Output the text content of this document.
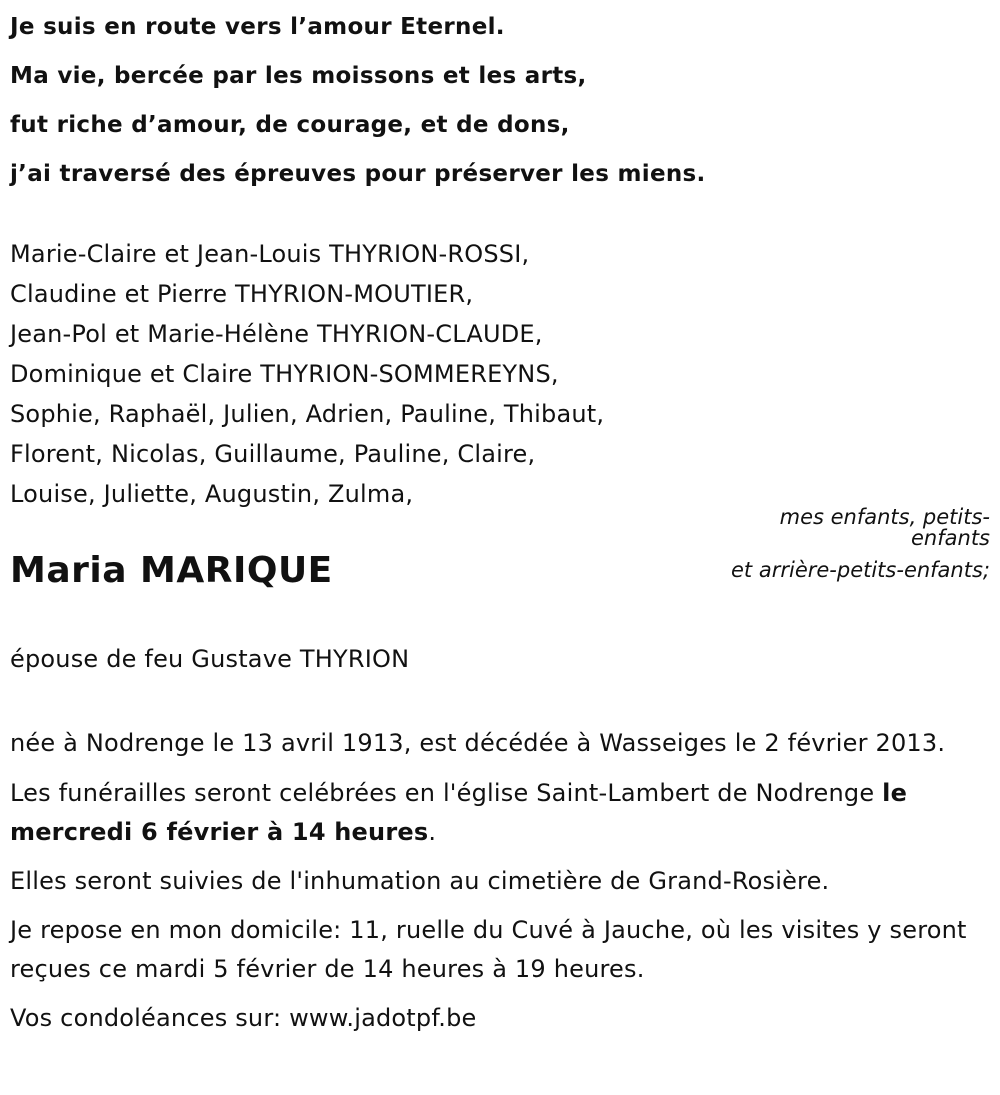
Je suis en route vers l’amour Eternel.
Ma vie, bercée par les moissons et les arts,
fut riche d’amour, de courage, et de dons,
j’ai traversé des épreuves pour préserver les miens.
Marie-Claire et Jean-Louis THYRION-ROSSI,
Claudine et Pierre THYRION-MOUTIER,
Jean-Pol et Marie-Hélène THYRION-CLAUDE,
Dominique et Claire THYRION-SOMMEREYNS,
Sophie, Raphaël, Julien, Adrien, Pauline, Thibaut,
Florent, Nicolas, Guillaume, Pauline, Claire,
Louise, Juliette, Augustin, Zulma,
mes enfants, petits-enfants
et arrière-petits-enfants;
Maria MARIQUE
épouse de feu Gustave THYRION

née à Nodrenge le 13 avril 1913, est décédée à Wasseiges le 2 février 2013.

Les funérailles seront celébrées en l'église Saint-Lambert de Nodrenge le mercredi 6 février à 14 heures.

Elles seront suivies de l'inhumation au cimetière de Grand-Rosière.

Je repose en mon domicile: 11, ruelle du Cuvé à Jauche, où les visites y seront reçues ce mardi 5 février de 14 heures à 19 heures.

Vos condoléances sur: www.jadotpf.be
